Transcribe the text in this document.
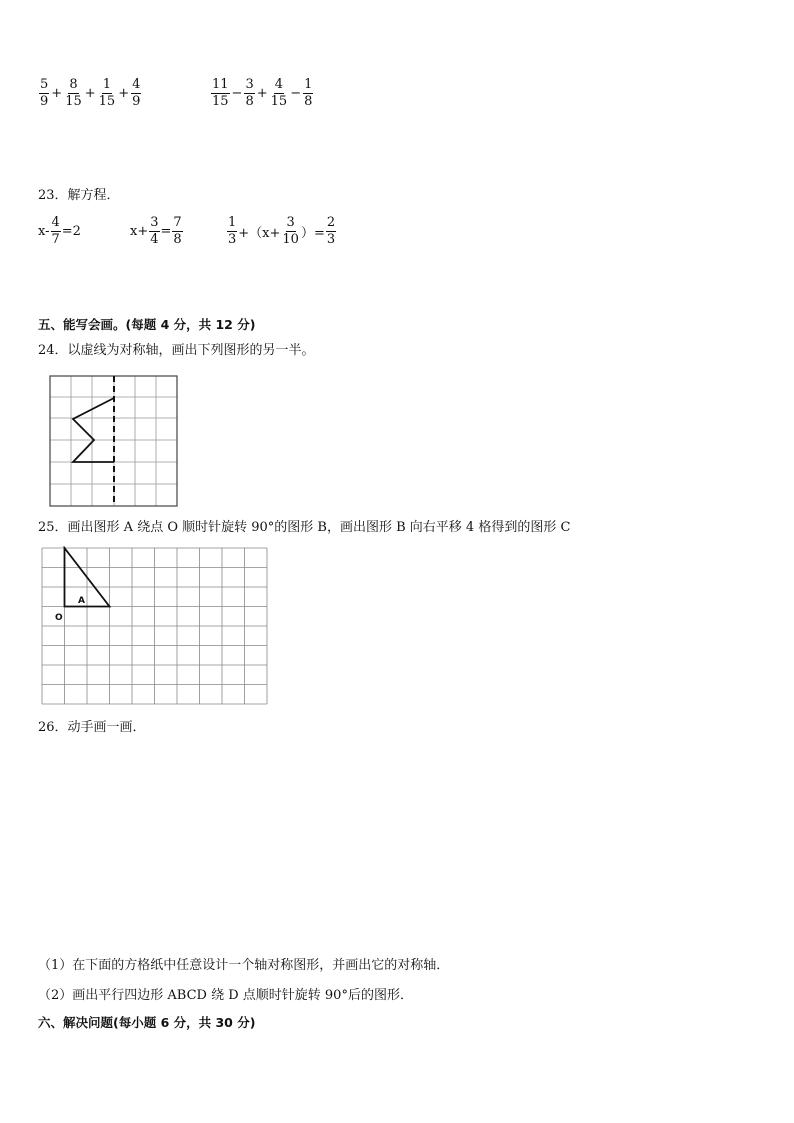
$\frac{5}{9} + \frac{8}{15} + \frac{1}{15} + \frac{4}{9}$	$\frac{11}{15} - \frac{3}{8} + \frac{4}{15} - \frac{1}{8}$
23．解方程．
$x- \frac{4}{7} =2$	$x+ \frac{3}{4} = \frac{7}{8}$	$\frac{1}{3} +(x+ \frac{3}{10}$ ）= $\frac{2}{3}$
五、能写会画。(每题 4 分，共 12 分)
24．以虚线为对称轴，画出下列图形的另一半。
25．画出图形 A 绕点 O 顺时针旋转 90°的图形 B，画出图形 B 向右平移 4 格得到的图形 C
A
O
26．动手画一画．
（1）在下面的方格纸中任意设计一个轴对称图形，并画出它的对称轴．
（2）画出平行四边形 ABCD 绕 D 点顺时针旋转 90°后的图形．
六、解决问题(每小题 6 分，共 30 分)
